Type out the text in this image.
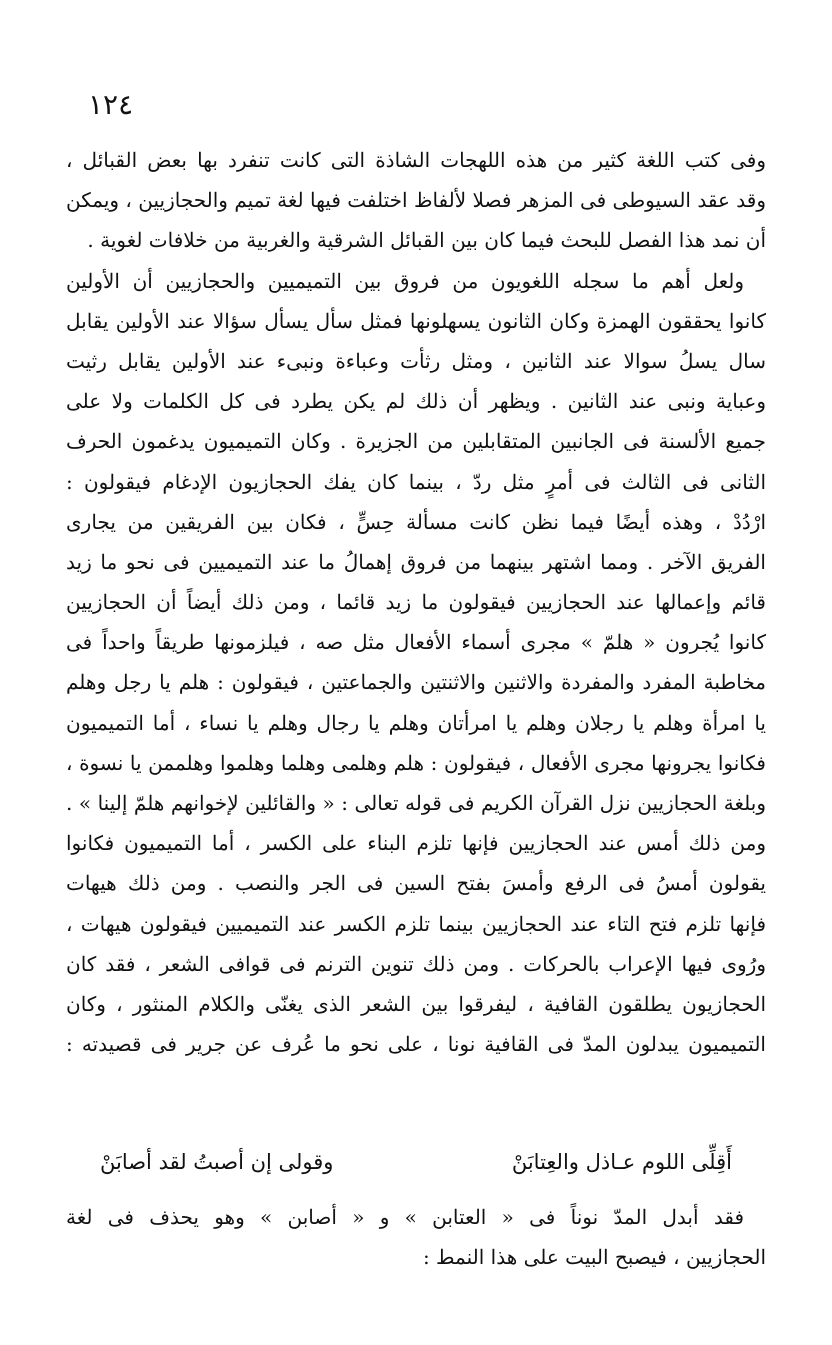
١٢٤
وفى كتب اللغة كثير من هذه اللهجات الشاذة التى كانت تنفرد بها بعض القبائل ،
وقد عقد السيوطى فى المزهر فصلا لألفاظ اختلفت فيها لغة تميم والحجازيين ، ويمكن
أن نمد هذا الفصل للبحث فيما كان بين القبائل الشرقية والغربية من خلافات لغوية .
ولعل أهم ما سجله اللغويون من فروق بين التميميين والحجازيين أن الأولين
كانوا يحققون الهمزة وكان الثانون يسهلونها فمثل سأل يسأل سؤالا عند الأولين يقابل
سال يسلُ سوالا عند الثانين ، ومثل رثأت وعباءة ونبىء عند الأولين يقابل رثيت
وعباية ونبى عند الثانين . ويظهر أن ذلك لم يكن يطرد فى كل الكلمات ولا على
جميع الألسنة فى الجانبين المتقابلين من الجزيرة . وكان التميميون يدغمون الحرف
الثانى فى الثالث فى أمرٍ مثل ردّ ، بينما كان يفك الحجازيون الإدغام فيقولون :
ارْدُدْ ، وهذه أيضًا فيما نظن كانت مسألة حِسٍّ ، فكان بين الفريقين من يجارى
الفريق الآخر . ومما اشتهر بينهما من فروق إهمالُ ما عند التميميين فى نحو ما زيد
قائم وإعمالها عند الحجازيين فيقولون ما زيد قائما ، ومن ذلك أيضاً أن الحجازيين
كانوا يُجرون « هلمّ » مجرى أسماء الأفعال مثل صه ، فيلزمونها طريقاً واحداً فى
مخاطبة المفرد والمفردة والاثنين والاثنتين والجماعتين ، فيقولون : هلم يا رجل وهلم
يا امرأة وهلم يا رجلان وهلم يا امرأتان وهلم يا رجال وهلم يا نساء ، أما التميميون
فكانوا يجرونها مجرى الأفعال ، فيقولون : هلم وهلمى وهلما وهلموا وهلممن يا نسوة ،
وبلغة الحجازيين نزل القرآن الكريم فى قوله تعالى : « والقائلين لإخوانهم هلمّ إلينا » .
ومن ذلك أمس عند الحجازيين فإنها تلزم البناء على الكسر ، أما التميميون فكانوا
يقولون أمسُ فى الرفع وأمسَ بفتح السين فى الجر والنصب . ومن ذلك هيهات
فإنها تلزم فتح التاء عند الحجازيين بينما تلزم الكسر عند التميميين فيقولون هيهات ،
ورُوى فيها الإعراب بالحركات . ومن ذلك تنوين الترنم فى قوافى الشعر ، فقد كان
الحجازيون يطلقون القافية ، ليفرقوا بين الشعر الذى يغنّى والكلام المنثور ، وكان
التميميون يبدلون المدّ فى القافية نونا ، على نحو ما عُرف عن جرير فى قصيدته :
أَقِلِّى اللوم عـاذل والعِتابَنْ
وقولى إن أصبتُ لقد أصابَنْ
فقد أبدل المدّ نوناً فى « العتابن » و « أصابن » وهو يحذف فى لغة
الحجازيين ، فيصبح البيت على هذا النمط :
